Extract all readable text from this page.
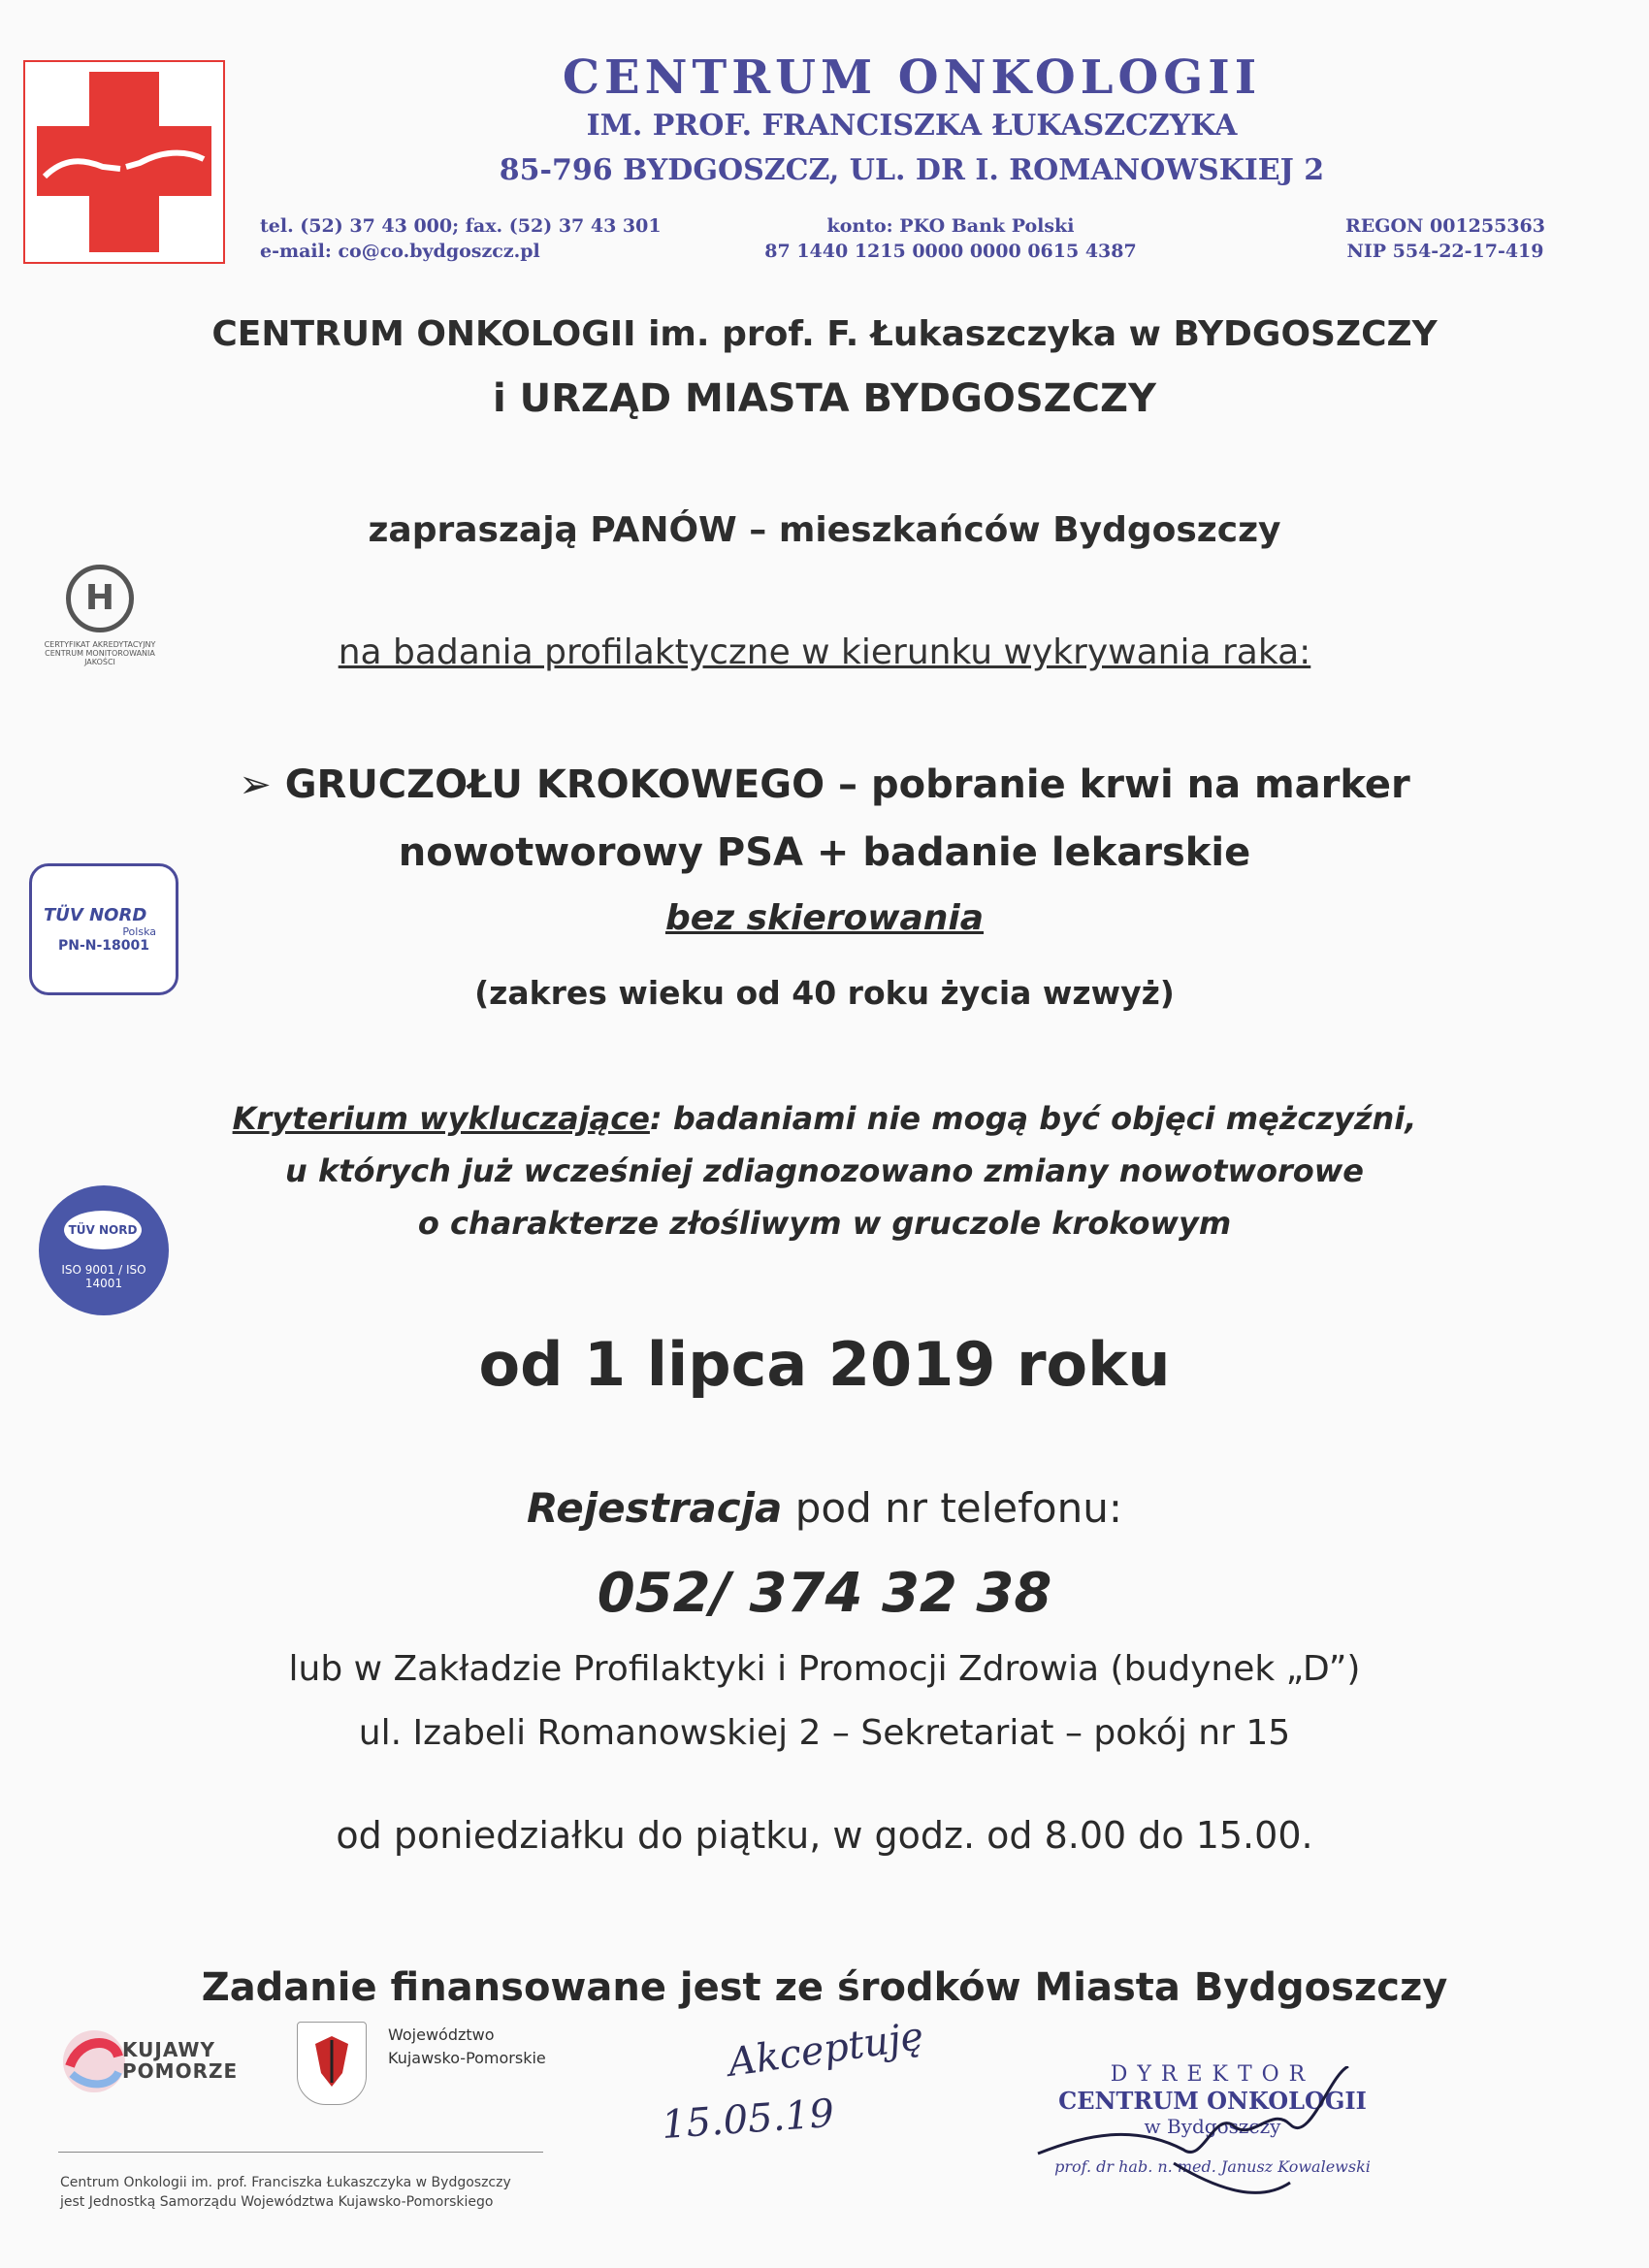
CENTRUM ONKOLOGII
IM. PROF. FRANCISZKA ŁUKASZCZYKA
85-796 BYDGOSZCZ, UL. DR I. ROMANOWSKIEJ 2
tel. (52) 37 43 000; fax. (52) 37 43 301
e-mail: co@co.bydgoszcz.pl
konto: PKO Bank Polski
87 1440 1215 0000 0000 0615 4387
REGON 001255363
NIP 554-22-17-419
CENTRUM ONKOLOGII im. prof. F. Łukaszczyka w BYDGOSZCZY
i URZĄD MIASTA BYDGOSZCZY
zapraszają PANÓW – mieszkańców Bydgoszczy
na badania profilaktyczne w kierunku wykrywania raka:
➢ GRUCZOŁU KROKOWEGO – pobranie krwi na marker
nowotworowy PSA + badanie lekarskie
bez skierowania
(zakres wieku od 40 roku życia wzwyż)
Kryterium wykluczające: badaniami nie mogą być objęci mężczyźni,
u których już wcześniej zdiagnozowano zmiany nowotworowe
o charakterze złośliwym w gruczole krokowym
od 1 lipca 2019 roku
Rejestracja pod nr telefonu:
052/ 374 32 38
lub w Zakładzie Profilaktyki i Promocji Zdrowia (budynek „D”)
ul. Izabeli Romanowskiej 2 – Sekretariat – pokój nr 15
od poniedziałku do piątku, w godz. od 8.00 do 15.00.
Zadanie finansowane jest ze środków Miasta Bydgoszczy
H
CERTYFIKAT AKREDYTACYJNY
CENTRUM MONITOROWANIA
JAKOŚCI
TÜV NORD
Polska
PN-N-18001
TÜV NORD
ISO 9001 / ISO 14001
KUJAWY
POMORZE
Województwo
Kujawsko-Pomorskie	Akceptuję
15.05.19
DYREKTOR
CENTRUM ONKOLOGII
w Bydgoszczy
prof. dr hab. n. med. Janusz Kowalewski
Centrum Onkologii im. prof. Franciszka Łukaszczyka w Bydgoszczy
jest Jednostką Samorządu Województwa Kujawsko-Pomorskiego
